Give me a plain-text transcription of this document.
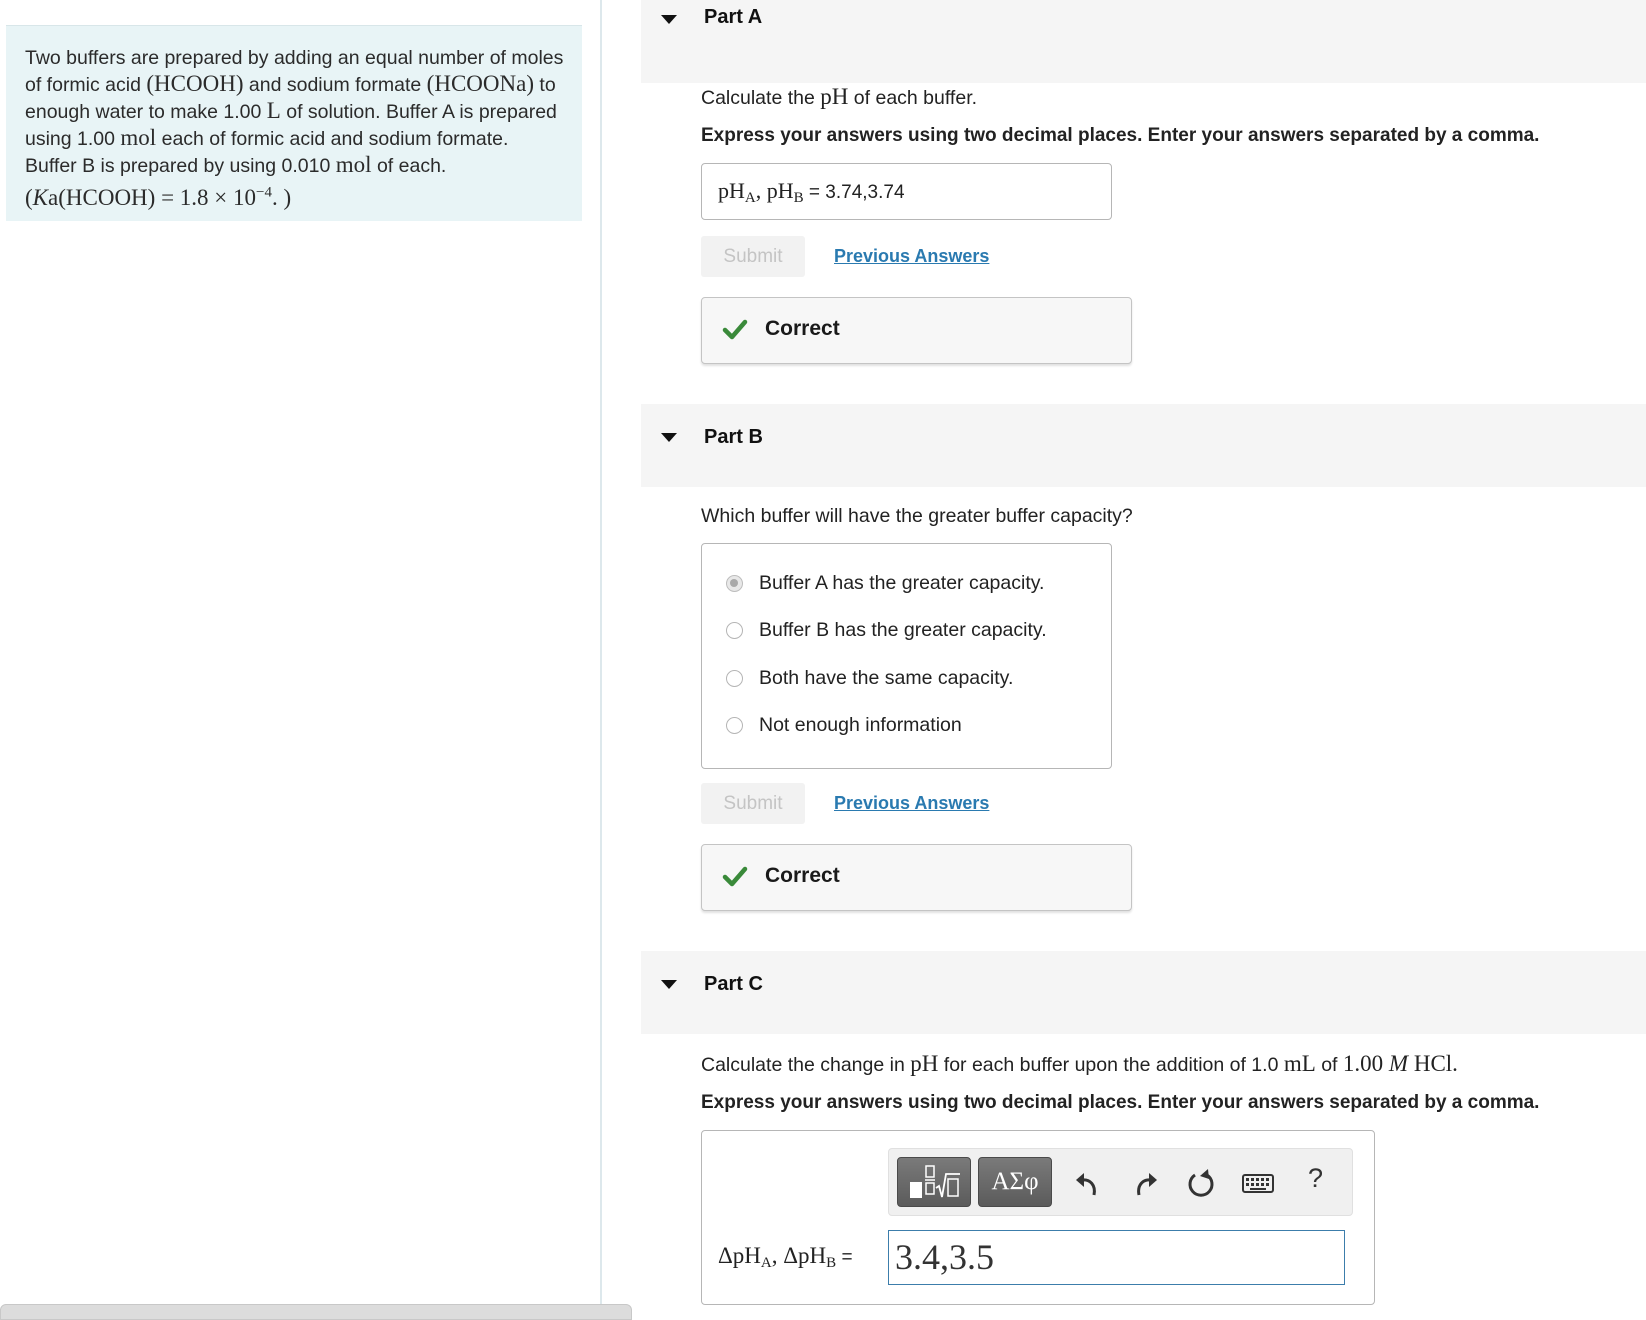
Two buffers are prepared by adding an equal number of moles of formic acid (HCOOH) and sodium formate (HCOONa) to enough water to make 1.00 L of solution. Buffer A is prepared using 1.00 mol each of formic acid and sodium formate. Buffer B is prepared by using 0.010 mol of each. (Ka(HCOOH) = $1.8 \times 10^{-4}$. )
Part A
Calculate the pH of each buffer.
Express your answers using two decimal places. Enter your answers separated by a comma.
$pH_A$, $pH_B = 3.74,3.74$
Submit	Previous Answers
Correct
Part B
Which buffer will have the greater buffer capacity?
Buffer A has the greater capacity.
Buffer B has the greater capacity.
Both have the same capacity.
Not enough information
Submit	Previous Answers
Correct
Part C
Calculate the change in pH for each buffer upon the addition of 1.0 mL of 1.00 M HCl.
Express your answers using two decimal places. Enter your answers separated by a comma.
ΑΣφ	?
ΔpH$_A$, ΔpH$_B$ = 3.4,3.5
